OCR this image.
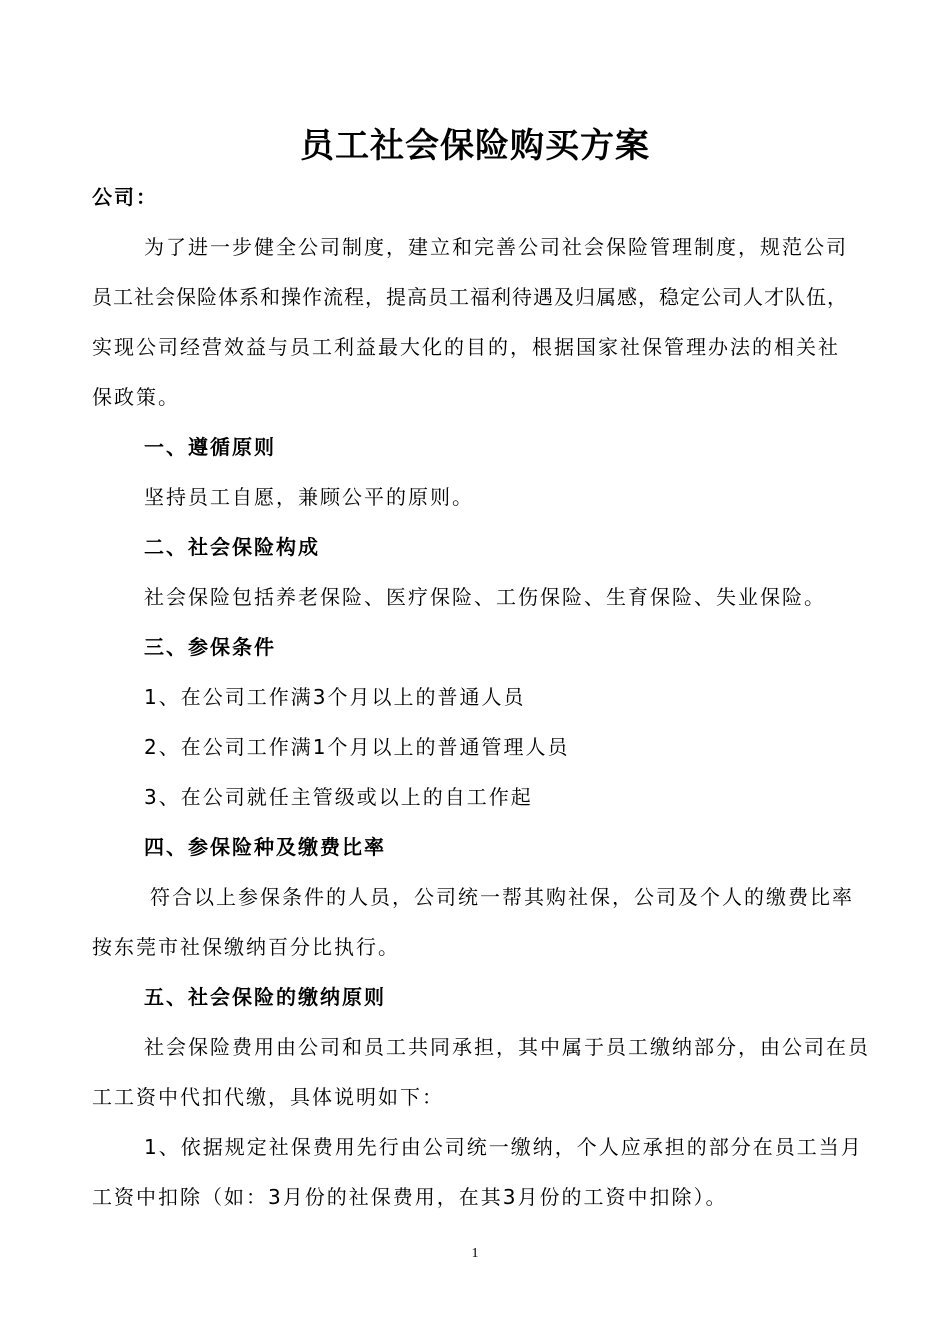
员工社会保险购买方案

公司：

为了进一步健全公司制度，建立和完善公司社会保险管理制度，规范公司

员工社会保险体系和操作流程，提高员工福利待遇及归属感，稳定公司人才队伍，

实现公司经营效益与员工利益最大化的目的，根据国家社保管理办法的相关社

保政策。

一、遵循原则

坚持员工自愿，兼顾公平的原则。

二、社会保险构成

社会保险包括养老保险、医疗保险、工伤保险、生育保险、失业保险。

三、参保条件

1、在公司工作满3个月以上的普通人员

2、在公司工作满1个月以上的普通管理人员

3、在公司就任主管级或以上的自工作起

四、参保险种及缴费比率

符合以上参保条件的人员，公司统一帮其购社保，公司及个人的缴费比率

按东莞市社保缴纳百分比执行。

五、社会保险的缴纳原则

社会保险费用由公司和员工共同承担，其中属于员工缴纳部分，由公司在员

工工资中代扣代缴，具体说明如下：

1、依据规定社保费用先行由公司统一缴纳，个人应承担的部分在员工当月

工资中扣除（如：3月份的社保费用，在其3月份的工资中扣除）。

1
